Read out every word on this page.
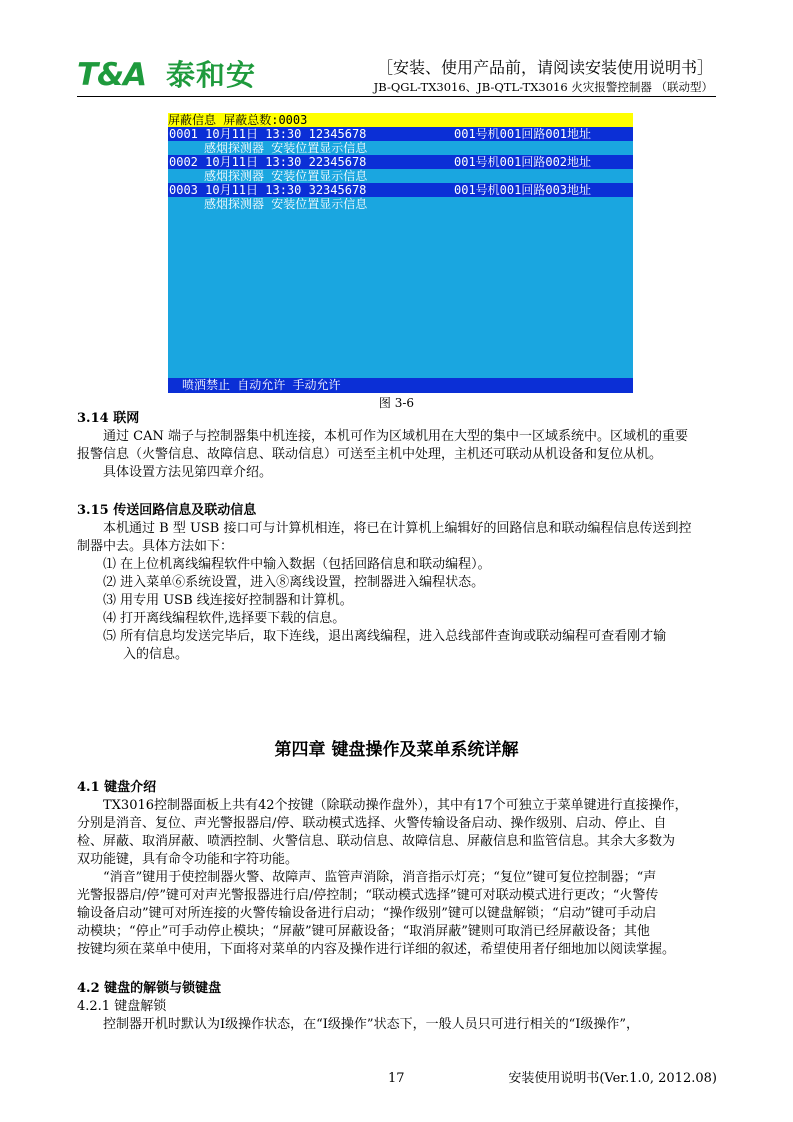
T&A 泰和安	［安装、使用产品前，请阅读安装使用说明书］
JB-QGL-TX3016、JB-QTL-TX3016 火灾报警控制器 （联动型）
屏蔽信息 屏蔽总数:0003
0001 10月11日 13:30 12345678	001号机001回路001地址
感烟探测器 安装位置显示信息
0002 10月11日 13:30 22345678	001号机001回路002地址
感烟探测器 安装位置显示信息
0003 10月11日 13:30 32345678	001号机001回路003地址
感烟探测器 安装位置显示信息
喷洒禁止 自动允许 手动允许
图 3-6
3.14 联网
通过 CAN 端子与控制器集中机连接，本机可作为区域机用在大型的集中一区域系统中。区域机的重要
报警信息（火警信息、故障信息、联动信息）可送至主机中处理，主机还可联动从机设备和复位从机。
具体设置方法见第四章介绍。
3.15 传送回路信息及联动信息
本机通过 B 型 USB 接口可与计算机相连，将已在计算机上编辑好的回路信息和联动编程信息传送到控
制器中去。具体方法如下：
⑴ 在上位机离线编程软件中输入数据（包括回路信息和联动编程）。
⑵ 进入菜单⑥系统设置，进入⑧离线设置，控制器进入编程状态。
⑶ 用专用 USB 线连接好控制器和计算机。
⑷ 打开离线编程软件,选择要下载的信息。
⑸ 所有信息均发送完毕后，取下连线，退出离线编程，进入总线部件查询或联动编程可查看刚才输
入的信息。
第四章 键盘操作及菜单系统详解
4.1 键盘介绍
TX3016控制器面板上共有42个按键（除联动操作盘外），其中有17个可独立于菜单键进行直接操作，
分别是消音、复位、声光警报器启/停、联动模式选择、火警传输设备启动、操作级别、启动、停止、自
检、屏蔽、取消屏蔽、喷洒控制、火警信息、联动信息、故障信息、屏蔽信息和监管信息。其余大多数为
双功能键，具有命令功能和字符功能。
“消音”键用于使控制器火警、故障声、监管声消除，消音指示灯亮；“复位”键可复位控制器；“声
光警报器启/停”键可对声光警报器进行启/停控制；“联动模式选择”键可对联动模式进行更改；“火警传
输设备启动”键可对所连接的火警传输设备进行启动；“操作级别”键可以键盘解锁；“启动”键可手动启
动模块；“停止”可手动停止模块；“屏蔽”键可屏蔽设备；“取消屏蔽”键则可取消已经屏蔽设备；其他
按键均须在菜单中使用，下面将对菜单的内容及操作进行详细的叙述，希望使用者仔细地加以阅读掌握。
4.2 键盘的解锁与锁键盘
4.2.1 键盘解锁
控制器开机时默认为I级操作状态，在“I级操作”状态下，一般人员只可进行相关的“I级操作”，
17	安装使用说明书(Ver.1.0, 2012.08)
